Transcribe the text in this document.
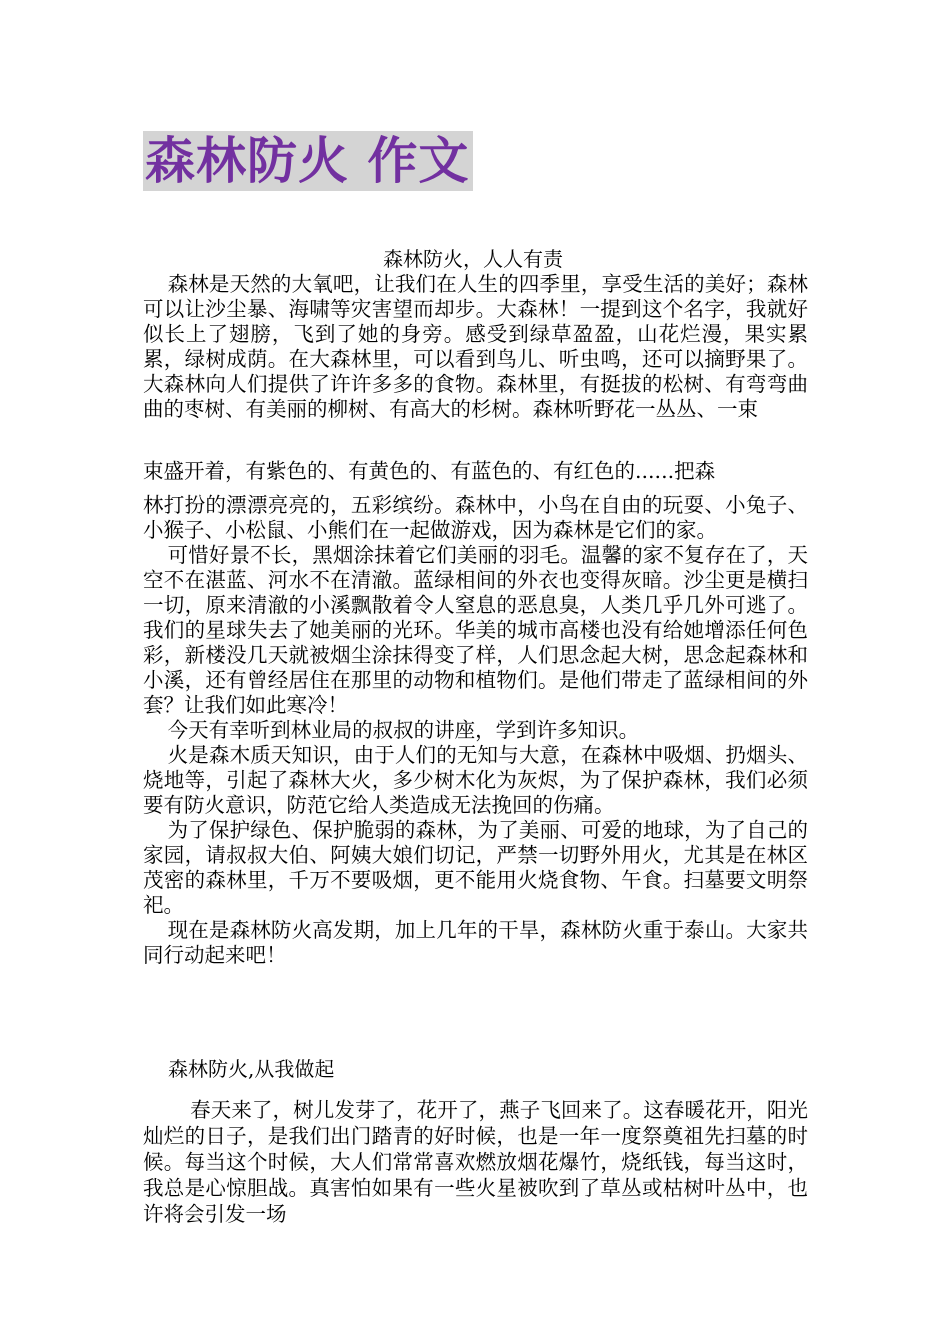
森林防火 作文
森林防火，人人有责

森林是天然的大氧吧，让我们在人生的四季里，享受生活的美好；森林可以让沙尘暴、海啸等灾害望而却步。大森林！一提到这个名字，我就好似长上了翅膀，飞到了她的身旁。感受到绿草盈盈，山花烂漫，果实累累，绿树成荫。在大森林里，可以看到鸟儿、听虫鸣，还可以摘野果了。大森林向人们提供了许许多多的食物。森林里，有挺拔的松树、有弯弯曲曲的枣树、有美丽的柳树、有高大的杉树。森林听野花一丛丛、一束

束盛开着，有紫色的、有黄色的、有蓝色的、有红色的......把森

林打扮的漂漂亮亮的，五彩缤纷。森林中，小鸟在自由的玩耍、小兔子、小猴子、小松鼠、小熊们在一起做游戏，因为森林是它们的家。

可惜好景不长，黑烟涂抹着它们美丽的羽毛。温馨的家不复存在了，天空不在湛蓝、河水不在清澈。蓝绿相间的外衣也变得灰暗。沙尘更是横扫一切，原来清澈的小溪飘散着令人窒息的恶息臭，人类几乎几外可逃了。我们的星球失去了她美丽的光环。华美的城市高楼也没有给她增添任何色彩，新楼没几天就被烟尘涂抹得变了样，人们思念起大树，思念起森林和小溪，还有曾经居住在那里的动物和植物们。是他们带走了蓝绿相间的外套？让我们如此寒冷！

今天有幸听到林业局的叔叔的讲座，学到许多知识。

火是森木质天知识，由于人们的无知与大意，在森林中吸烟、扔烟头、烧地等，引起了森林大火，多少树木化为灰烬，为了保护森林，我们必须要有防火意识，防范它给人类造成无法挽回的伤痛。

为了保护绿色、保护脆弱的森林，为了美丽、可爱的地球，为了自己的家园，请叔叔大伯、阿姨大娘们切记，严禁一切野外用火，尤其是在林区茂密的森林里，千万不要吸烟，更不能用火烧食物、午食。扫墓要文明祭祀。

现在是森林防火高发期，加上几年的干旱，森林防火重于泰山。大家共同行动起来吧！

森林防火,从我做起

春天来了，树儿发芽了，花开了，燕子飞回来了。这春暖花开，阳光灿烂的日子，是我们出门踏青的好时候，也是一年一度祭奠祖先扫墓的时候。每当这个时候，大人们常常喜欢燃放烟花爆竹，烧纸钱，每当这时，我总是心惊胆战。真害怕如果有一些火星被吹到了草丛或枯树叶丛中，也许将会引发一场
